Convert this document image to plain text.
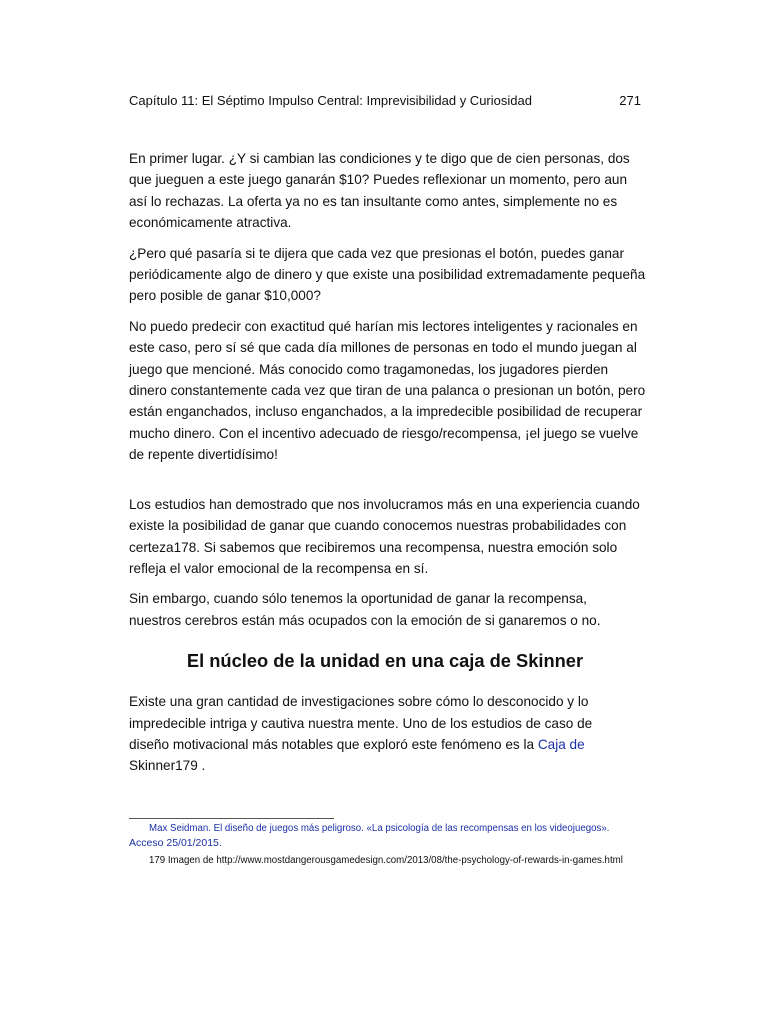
Capítulo 11: El Séptimo Impulso Central: Imprevisibilidad y Curiosidad	271

En primer lugar. ¿Y si cambian las condiciones y te digo que de cien personas, dos que jueguen a este juego ganarán $10? Puedes reflexionar un momento, pero aun así lo rechazas. La oferta ya no es tan insultante como antes, simplemente no es económicamente atractiva.

¿Pero qué pasaría si te dijera que cada vez que presionas el botón, puedes ganar periódicamente algo de dinero y que existe una posibilidad extremadamente pequeña pero posible de ganar $10,000?

No puedo predecir con exactitud qué harían mis lectores inteligentes y racionales en este caso, pero sí sé que cada día millones de personas en todo el mundo juegan al juego que mencioné. Más conocido como tragamonedas, los jugadores pierden dinero constantemente cada vez que tiran de una palanca o presionan un botón, pero están enganchados, incluso enganchados, a la impredecible posibilidad de recuperar mucho dinero. Con el incentivo adecuado de riesgo/recompensa, ¡el juego se vuelve de repente divertidísimo!

Los estudios han demostrado que nos involucramos más en una experiencia cuando existe la posibilidad de ganar que cuando conocemos nuestras probabilidades con certeza178. Si sabemos que recibiremos una recompensa, nuestra emoción solo refleja el valor emocional de la recompensa en sí.

Sin embargo, cuando sólo tenemos la oportunidad de ganar la recompensa, nuestros cerebros están más ocupados con la emoción de si ganaremos o no.

El núcleo de la unidad en una caja de Skinner

Existe una gran cantidad de investigaciones sobre cómo lo desconocido y lo impredecible intriga y cautiva nuestra mente. Uno de los estudios de caso de diseño motivacional más notables que exploró este fenómeno es la Caja de Skinner179 .

Max Seidman. El diseño de juegos más peligroso. «La psicología de las recompensas en los videojuegos».
Acceso 25/01/2015.

179 Imagen de http://www.mostdangerousgamedesign.com/2013/08/the-psychology-of-rewards-in-games.html
